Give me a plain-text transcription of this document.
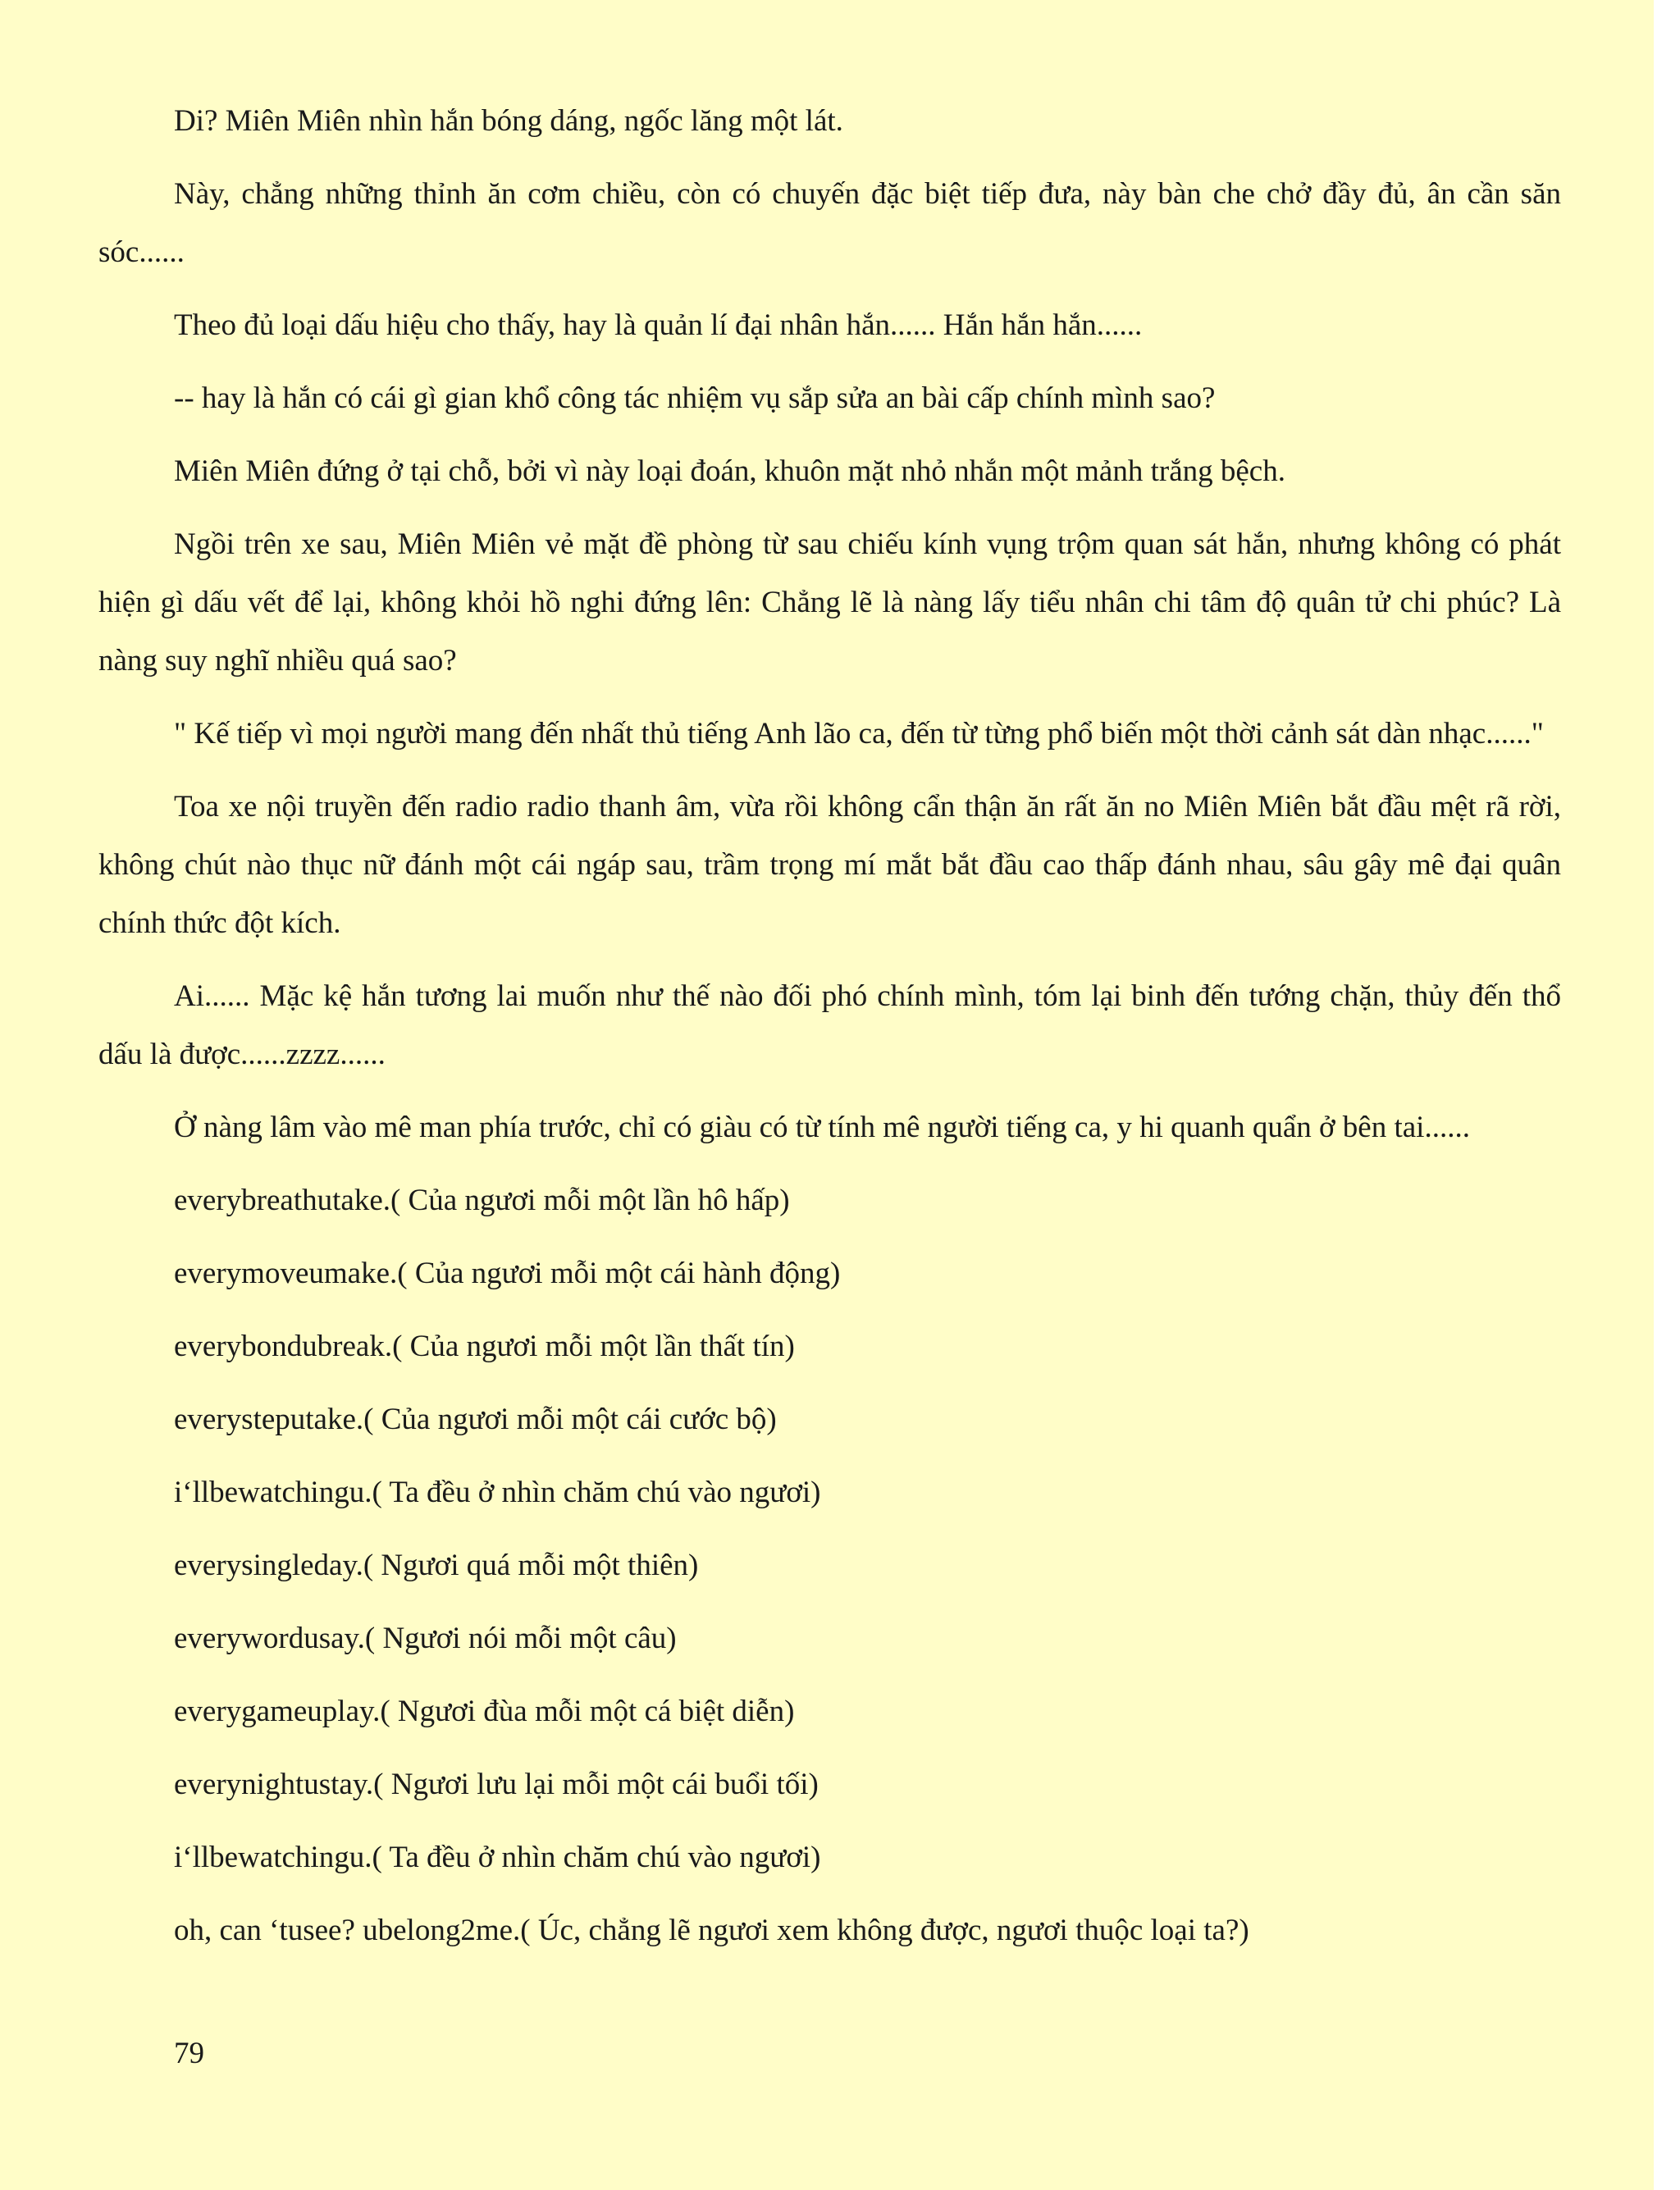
Di? Miên Miên nhìn hắn bóng dáng, ngốc lăng một lát.

Này, chẳng những thỉnh ăn cơm chiều, còn có chuyến đặc biệt tiếp đưa, này bàn che chở đầy đủ, ân cần săn sóc......

Theo đủ loại dấu hiệu cho thấy, hay là quản lí đại nhân hắn...... Hắn hắn hắn......

-- hay là hắn có cái gì gian khổ công tác nhiệm vụ sắp sửa an bài cấp chính mình sao?

Miên Miên đứng ở tại chỗ, bởi vì này loại đoán, khuôn mặt nhỏ nhắn một mảnh trắng bệch.

Ngồi trên xe sau, Miên Miên vẻ mặt đề phòng từ sau chiếu kính vụng trộm quan sát hắn, nhưng không có phát hiện gì dấu vết để lại, không khỏi hồ nghi đứng lên: Chẳng lẽ là nàng lấy tiểu nhân chi tâm độ quân tử chi phúc? Là nàng suy nghĩ nhiều quá sao?

" Kế tiếp vì mọi người mang đến nhất thủ tiếng Anh lão ca, đến từ từng phổ biến một thời cảnh sát dàn nhạc......"

Toa xe nội truyền đến radio radio thanh âm, vừa rồi không cẩn thận ăn rất ăn no Miên Miên bắt đầu mệt rã rời, không chút nào thục nữ đánh một cái ngáp sau, trầm trọng mí mắt bắt đầu cao thấp đánh nhau, sâu gây mê đại quân chính thức đột kích.

Ai...... Mặc kệ hắn tương lai muốn như thế nào đối phó chính mình, tóm lại binh đến tướng chặn, thủy đến thổ dấu là được......zzzz......

Ở nàng lâm vào mê man phía trước, chỉ có giàu có từ tính mê người tiếng ca, y hi quanh quẩn ở bên tai......

everybreathutake.( Của ngươi mỗi một lần hô hấp)

everymoveumake.( Của ngươi mỗi một cái hành động)

everybondubreak.( Của ngươi mỗi một lần thất tín)

everysteputake.( Của ngươi mỗi một cái cước bộ)

i‘llbewatchingu.( Ta đều ở nhìn chăm chú vào ngươi)

everysingleday.( Ngươi quá mỗi một thiên)

everywordusay.( Ngươi nói mỗi một câu)

everygameuplay.( Ngươi đùa mỗi một cá biệt diễn)

everynightustay.( Ngươi lưu lại mỗi một cái buổi tối)

i‘llbewatchingu.( Ta đều ở nhìn chăm chú vào ngươi)

oh, can ‘tusee? ubelong2me.( Úc, chẳng lẽ ngươi xem không được, ngươi thuộc loại ta?)

79
